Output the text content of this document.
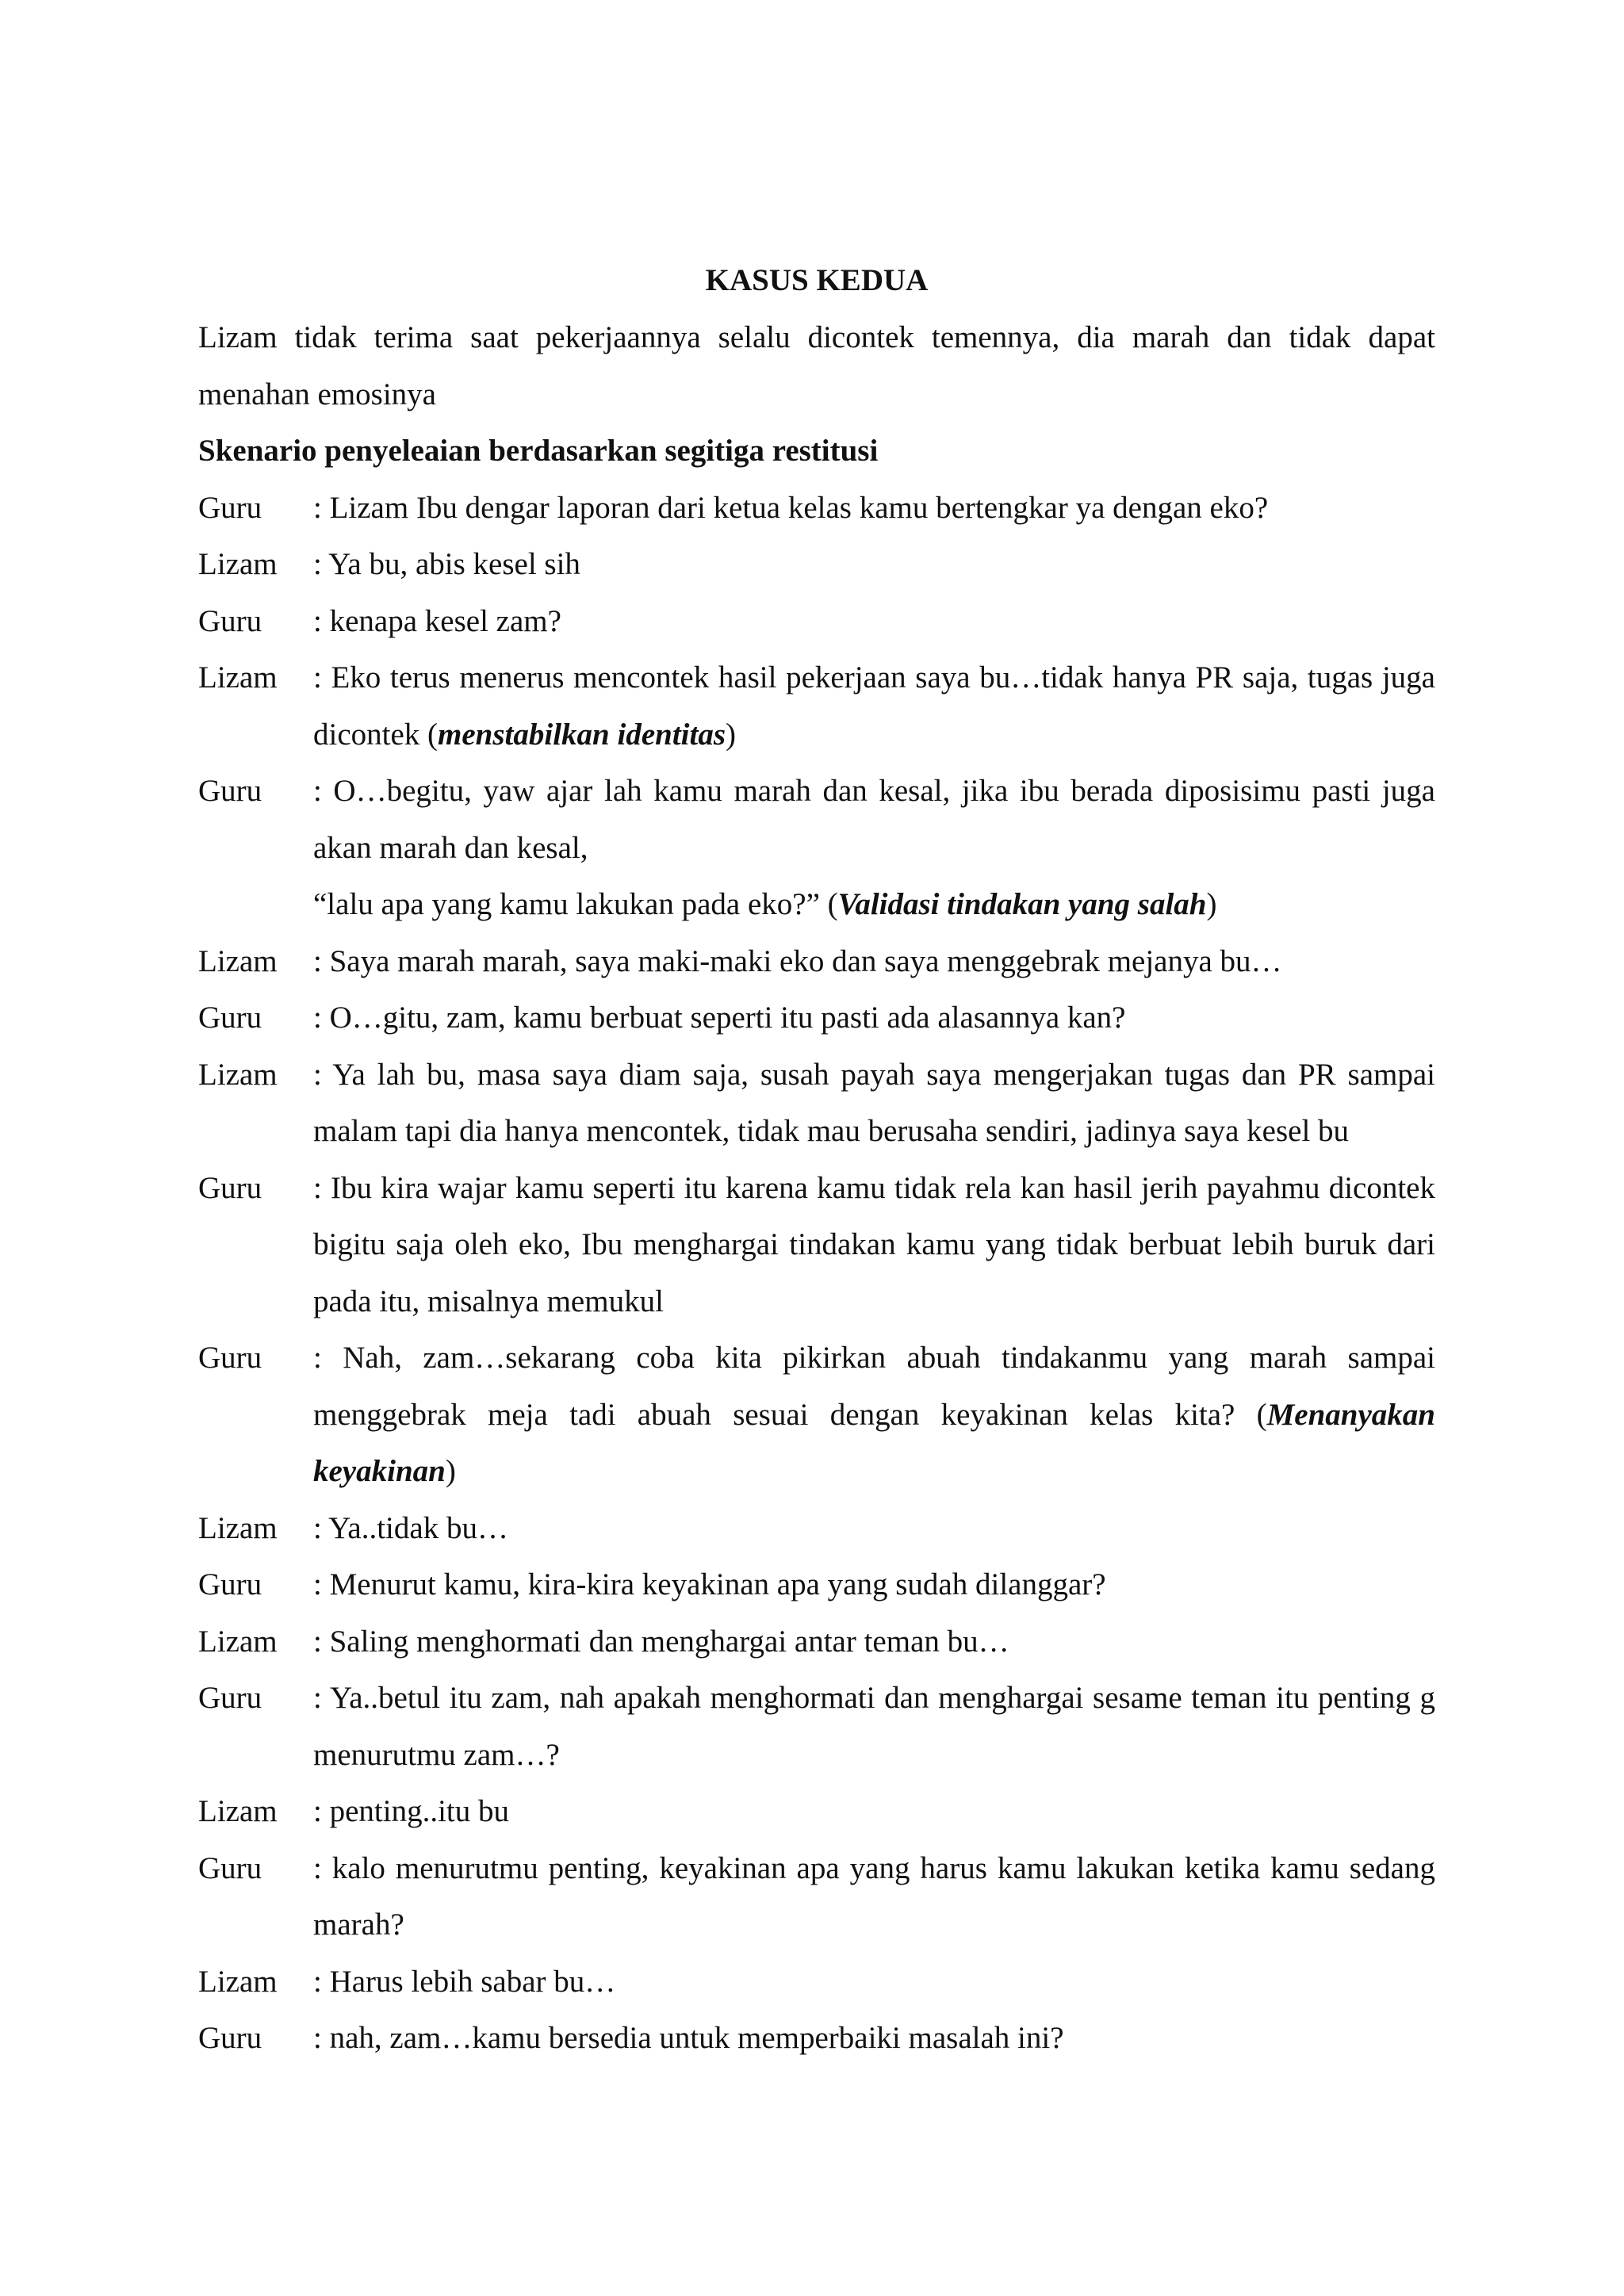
KASUS KEDUA

Lizam tidak terima saat pekerjaannya selalu dicontek temennya, dia marah dan tidak dapat menahan emosinya

Skenario penyeleaian berdasarkan segitiga restitusi

Guru	: Lizam Ibu dengar laporan dari ketua kelas kamu bertengkar ya dengan eko?
Lizam	: Ya bu, abis kesel sih
Guru	: kenapa kesel zam?
Lizam	: Eko terus menerus mencontek hasil pekerjaan saya bu…tidak hanya PR saja, tugas juga dicontek (menstabilkan identitas)
Guru	: O…begitu, yaw ajar lah kamu marah dan kesal, jika ibu berada diposisimu pasti juga akan marah dan kesal,
“lalu apa yang kamu lakukan pada eko?” (Validasi tindakan yang salah)
Lizam	: Saya marah marah, saya maki-maki eko dan saya menggebrak mejanya bu…
Guru	: O…gitu, zam, kamu berbuat seperti itu pasti ada alasannya kan?
Lizam	: Ya lah bu, masa saya diam saja, susah payah saya mengerjakan tugas dan PR sampai malam tapi dia hanya mencontek, tidak mau berusaha sendiri, jadinya saya kesel bu
Guru	: Ibu kira wajar kamu seperti itu karena kamu tidak rela kan hasil jerih payahmu dicontek bigitu saja oleh eko, Ibu menghargai tindakan kamu yang tidak berbuat lebih buruk dari pada itu, misalnya memukul
Guru	: Nah, zam…sekarang coba kita pikirkan abuah tindakanmu yang marah sampai menggebrak meja tadi abuah sesuai dengan keyakinan kelas kita? (Menanyakan keyakinan)
Lizam	: Ya..tidak bu…
Guru	: Menurut kamu, kira-kira keyakinan apa yang sudah dilanggar?
Lizam	: Saling menghormati dan menghargai antar teman bu…
Guru	: Ya..betul itu zam, nah apakah menghormati dan menghargai sesame teman itu penting g menurutmu zam…?
Lizam	: penting..itu bu
Guru	: kalo menurutmu penting, keyakinan apa yang harus kamu lakukan ketika kamu sedang marah?
Lizam	: Harus lebih sabar bu…
Guru	: nah, zam…kamu bersedia untuk memperbaiki masalah ini?
